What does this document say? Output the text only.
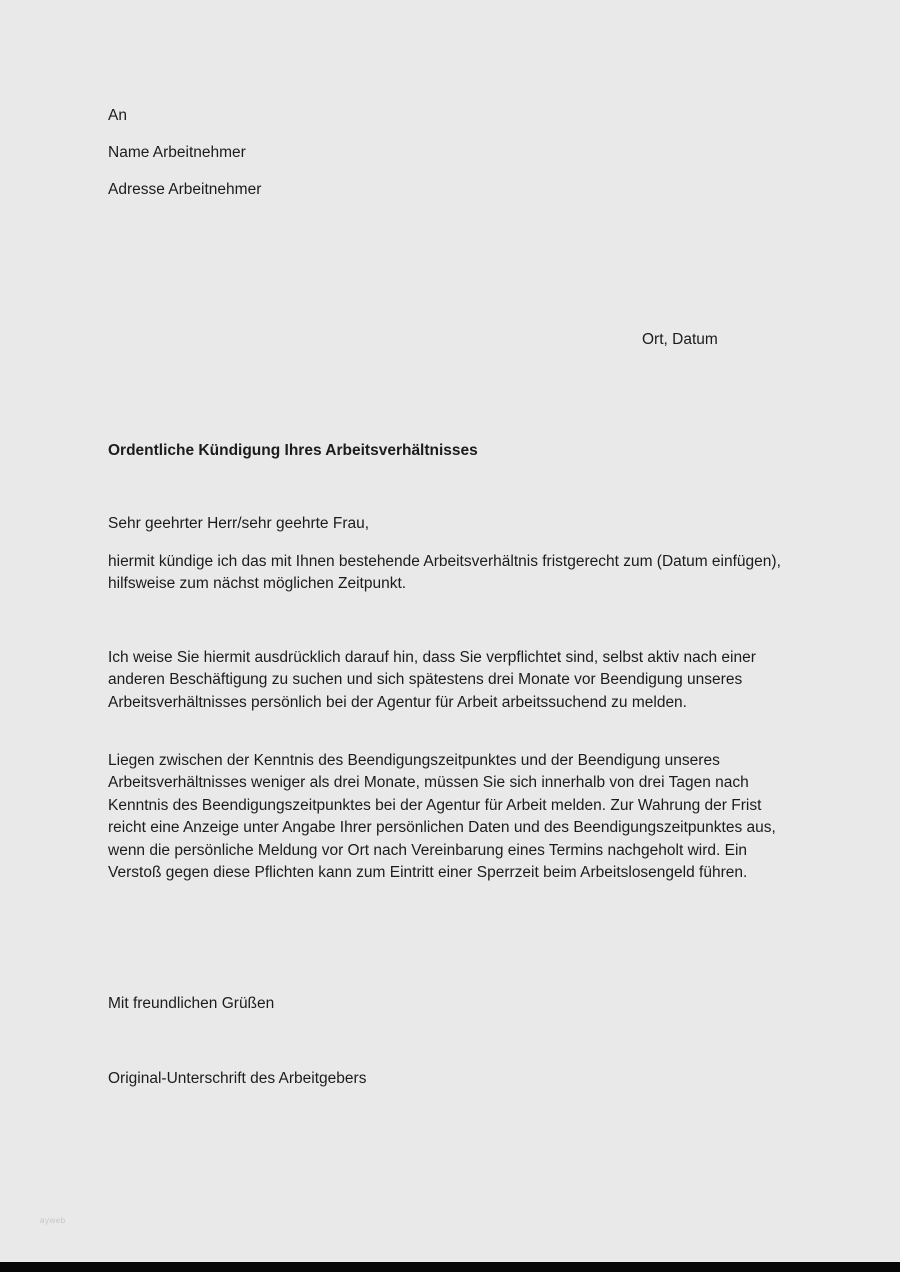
An
Name Arbeitnehmer
Adresse Arbeitnehmer
Ort, Datum
Ordentliche Kündigung Ihres Arbeitsverhältnisses
Sehr geehrter Herr/sehr geehrte Frau,
hiermit kündige ich das mit Ihnen bestehende Arbeitsverhältnis fristgerecht zum (Datum einfügen), hilfsweise zum nächst möglichen Zeitpunkt.
Ich weise Sie hiermit ausdrücklich darauf hin, dass Sie verpflichtet sind, selbst aktiv nach einer anderen Beschäftigung zu suchen und sich spätestens drei Monate vor Beendigung unseres Arbeitsverhältnisses persönlich bei der Agentur für Arbeit arbeitssuchend zu melden.
Liegen zwischen der Kenntnis des Beendigungszeitpunktes und der Beendigung unseres Arbeitsverhältnisses weniger als drei Monate, müssen Sie sich innerhalb von drei Tagen nach Kenntnis des Beendigungszeitpunktes bei der Agentur für Arbeit melden. Zur Wahrung der Frist reicht eine Anzeige unter Angabe Ihrer persönlichen Daten und des Beendigungszeitpunktes aus, wenn die persönliche Meldung vor Ort nach Vereinbarung eines Termins nachgeholt wird. Ein Verstoß gegen diese Pflichten kann zum Eintritt einer Sperrzeit beim Arbeitslosengeld führen.
Mit freundlichen Grüßen
Original-Unterschrift des Arbeitgebers
ayweb
